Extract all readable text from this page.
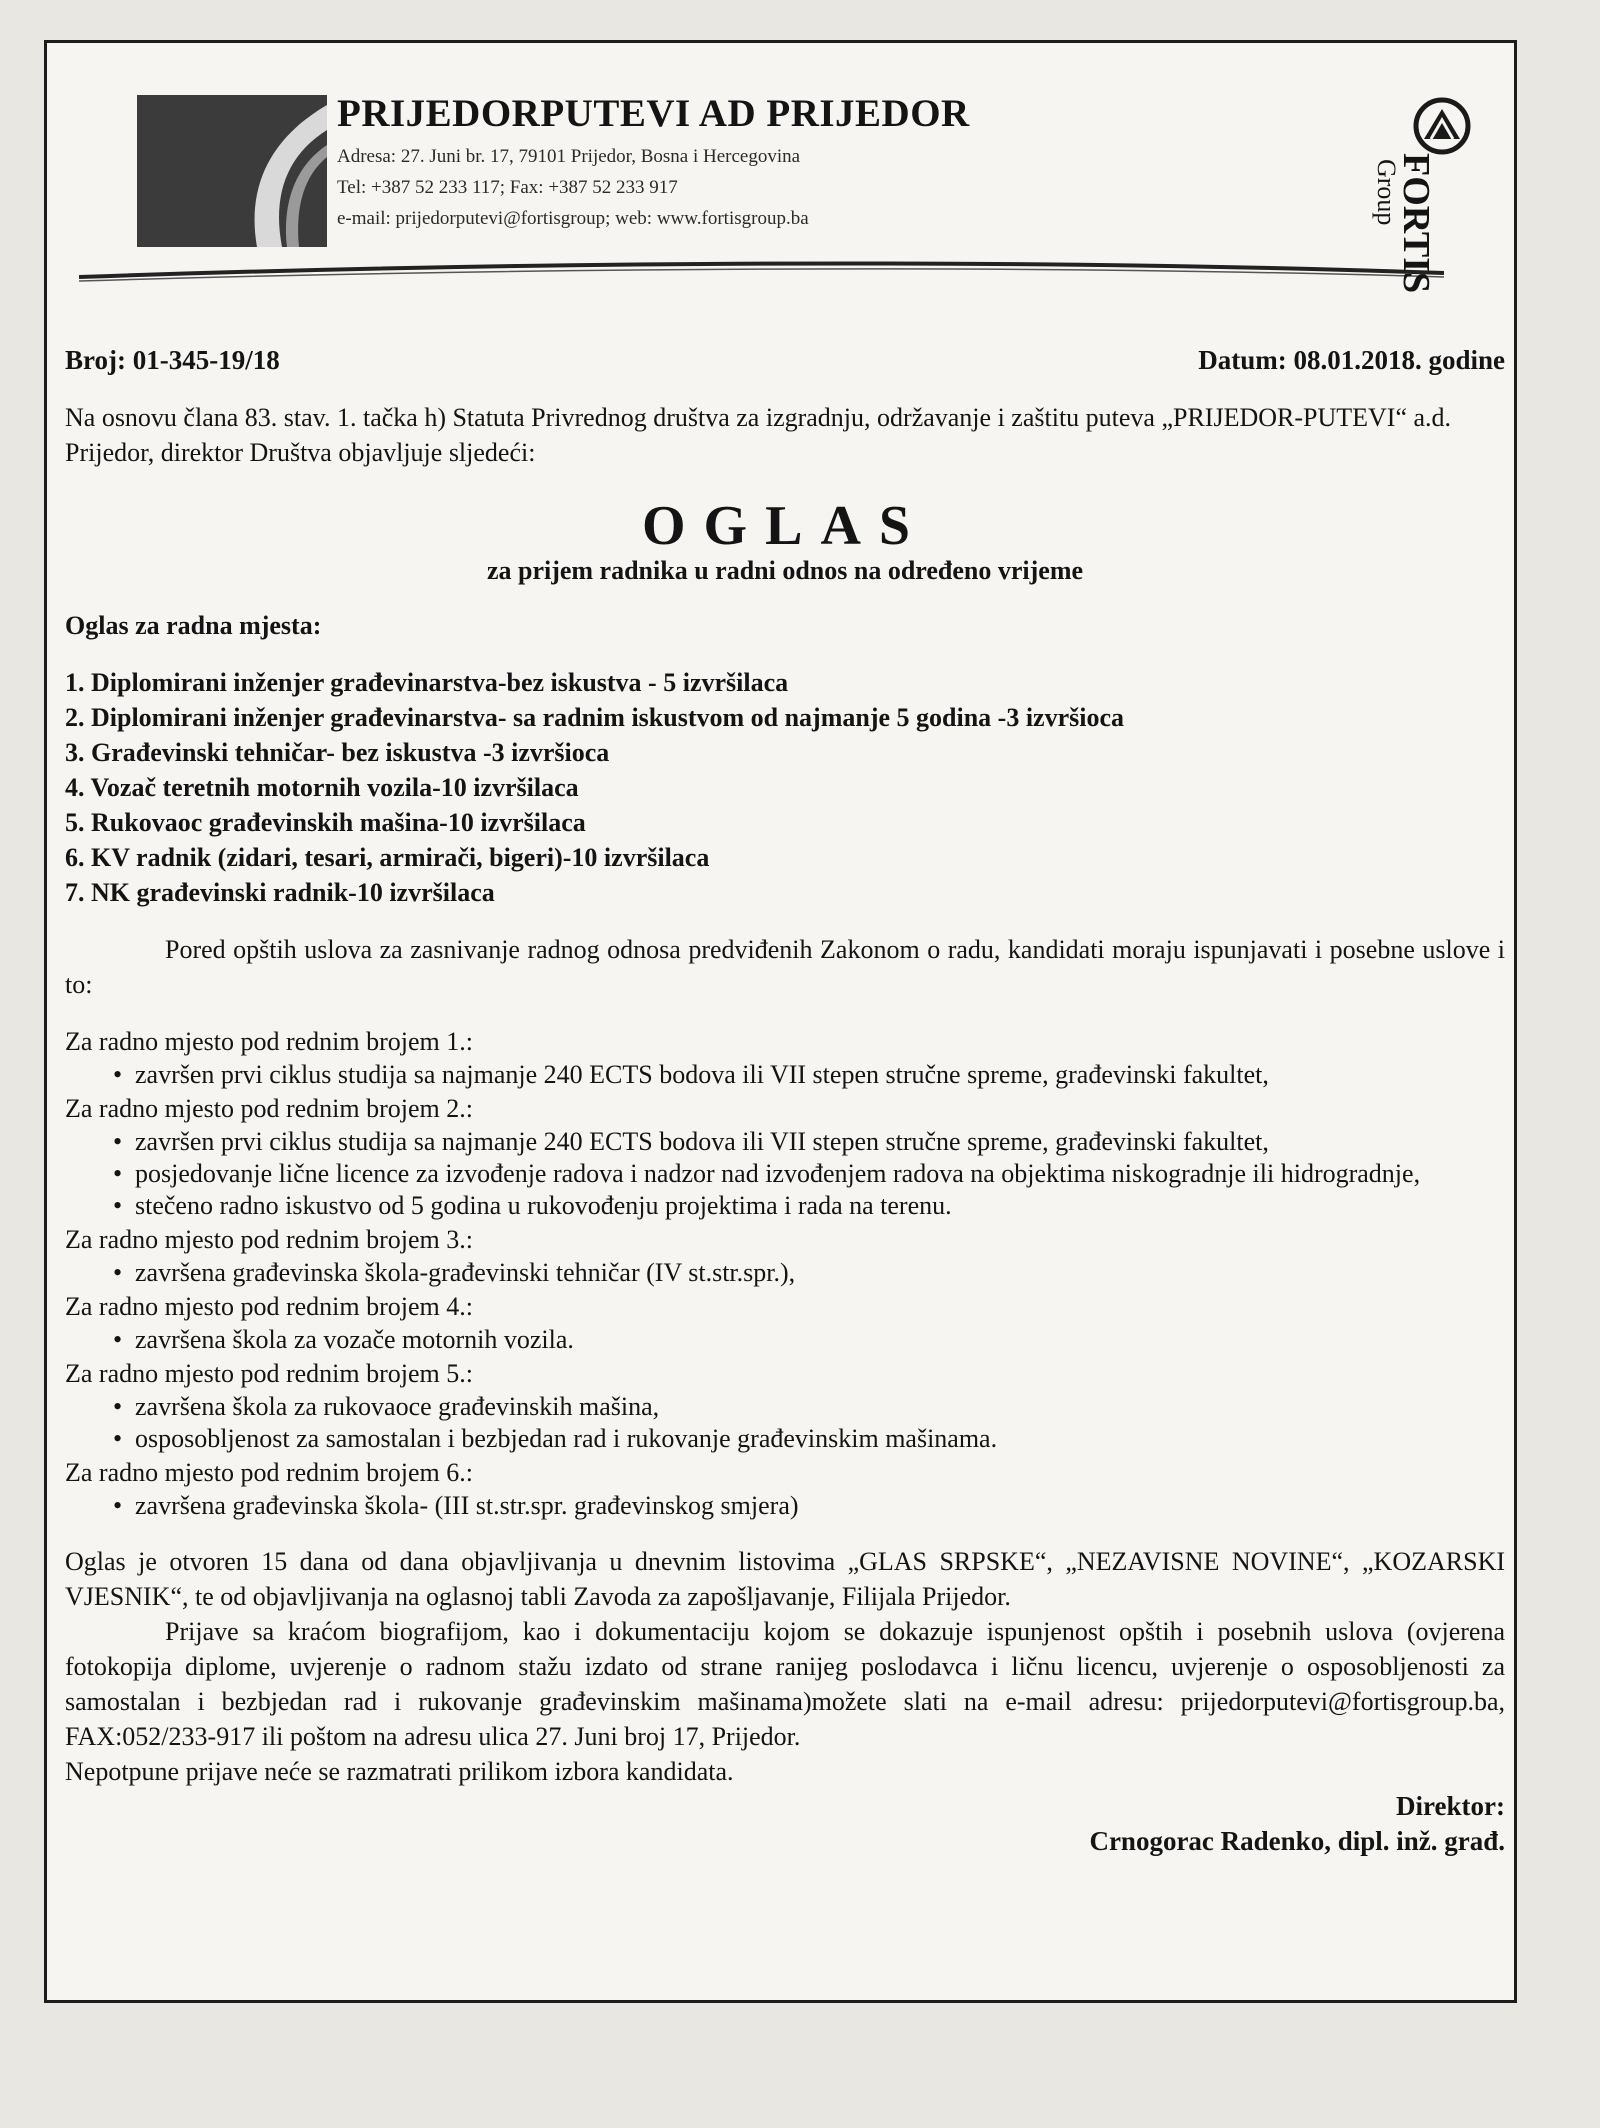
PRIJEDORPUTEVI AD PRIJEDOR
Adresa: 27. Juni br. 17, 79101 Prijedor, Bosna i Hercegovina
Tel: +387 52 233 117; Fax: +387 52 233 917
e-mail: prijedorputevi@fortisgroup; web: www.fortisgroup.ba	FORTIS
Group
Broj: 01-345-19/18	Datum: 08.01.2018. godine

Na osnovu člana 83. stav. 1. tačka h) Statuta Privrednog društva za izgradnju, održavanje i zaštitu puteva „PRIJEDOR-PUTEVI“ a.d. Prijedor, direktor Društva objavljuje sljedeći:

OGLAS
za prijem radnika u radni odnos na određeno vrijeme

Oglas za radna mjesta:

1. Diplomirani inženjer građevinarstva-bez iskustva - 5 izvršilaca
2. Diplomirani inženjer građevinarstva- sa radnim iskustvom od najmanje 5 godina -3 izvršioca
3. Građevinski tehničar- bez iskustva -3 izvršioca
4. Vozač teretnih motornih vozila-10 izvršilaca
5. Rukovaoc građevinskih mašina-10 izvršilaca
6. KV radnik (zidari, tesari, armirači, bigeri)-10 izvršilaca
7. NK građevinski radnik-10 izvršilaca

Pored opštih uslova za zasnivanje radnog odnosa predviđenih Zakonom o radu, kandidati moraju ispunjavati i posebne uslove i to:

Za radno mjesto pod rednim brojem 1.:

• završen prvi ciklus studija sa najmanje 240 ECTS bodova ili VII stepen stručne spreme, građevinski fakultet,

Za radno mjesto pod rednim brojem 2.:

• završen prvi ciklus studija sa najmanje 240 ECTS bodova ili VII stepen stručne spreme, građevinski fakultet,
• posjedovanje lične licence za izvođenje radova i nadzor nad izvođenjem radova na objektima niskogradnje ili hidrogradnje,
• stečeno radno iskustvo od 5 godina u rukovođenju projektima i rada na terenu.

Za radno mjesto pod rednim brojem 3.:

• završena građevinska škola-građevinski tehničar (IV st.str.spr.),

Za radno mjesto pod rednim brojem 4.:

• završena škola za vozače motornih vozila.

Za radno mjesto pod rednim brojem 5.:

• završena škola za rukovaoce građevinskih mašina,
• osposobljenost za samostalan i bezbjedan rad i rukovanje građevinskim mašinama.

Za radno mjesto pod rednim brojem 6.:

• završena građevinska škola- (III st.str.spr. građevinskog smjera)

Oglas je otvoren 15 dana od dana objavljivanja u dnevnim listovima „GLAS SRPSKE“, „NEZAVISNE NOVINE“, „KOZARSKI VJESNIK“, te od objavljivanja na oglasnoj tabli Zavoda za zapošljavanje, Filijala Prijedor.

Prijave sa kraćom biografijom, kao i dokumentaciju kojom se dokazuje ispunjenost opštih i posebnih uslova (ovjerena fotokopija diplome, uvjerenje o radnom stažu izdato od strane ranijeg poslodavca i ličnu licencu, uvjerenje o osposobljenosti za samostalan i bezbjedan rad i rukovanje građevinskim mašinama)možete slati na e-mail adresu: prijedorputevi@fortisgroup.ba, FAX:052/233-917 ili poštom na adresu ulica 27. Juni broj 17, Prijedor.

Nepotpune prijave neće se razmatrati prilikom izbora kandidata.

Direktor:
Crnogorac Radenko, dipl. inž. građ.
